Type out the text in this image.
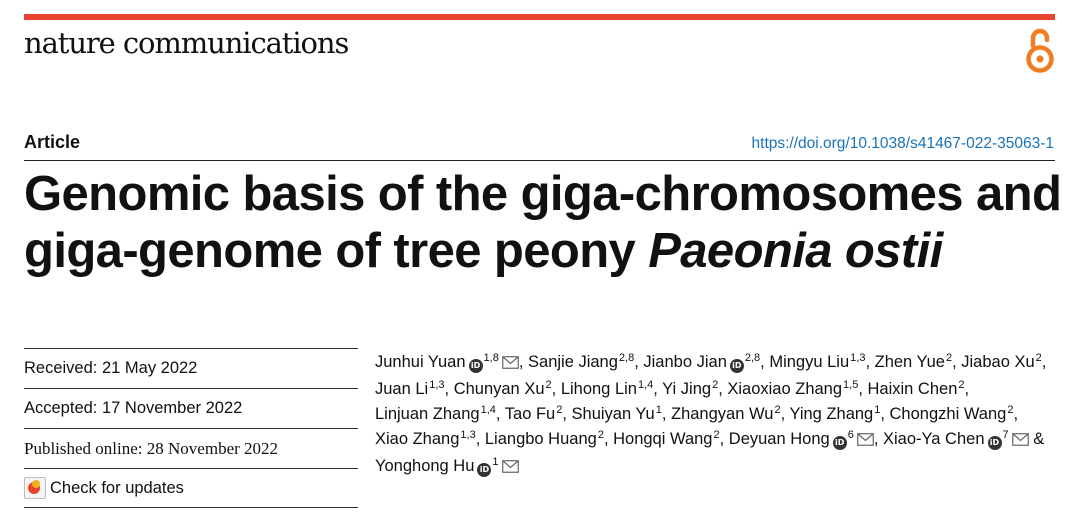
nature communications
Article	https://doi.org/10.1038/s41467-022-35063-1
Genomic basis of the giga-chromosomes and giga-genome of tree peony Paeonia ostii
Received: 21 May 2022
Accepted: 17 November 2022
Published online: 28 November 2022
Check for updates
Junhui Yuan iD$^{1,8}$ , Sanjie Jiang$^{2,8}$, Jianbo Jian iD$^{2,8}$, Mingyu Liu$^{1,3}$, Zhen Yue$^2$, Jiabao Xu$^2$, Juan Li$^{1,3}$, Chunyan Xu$^2$, Lihong Lin$^{1,4}$, Yi Jing$^2$, Xiaoxiao Zhang$^{1,5}$, Haixin Chen$^2$, Linjuan Zhang$^{1,4}$, Tao Fu$^2$, Shuiyan Yu$^1$, Zhangyan Wu$^2$, Ying Zhang$^1$, Chongzhi Wang$^2$, Xiao Zhang$^{1,3}$, Liangbo Huang$^2$, Hongqi Wang$^2$, Deyuan Hong $iD^6$ , Xiao-Ya Chen $iD^7$ & Yonghong Hu $iD^1$
